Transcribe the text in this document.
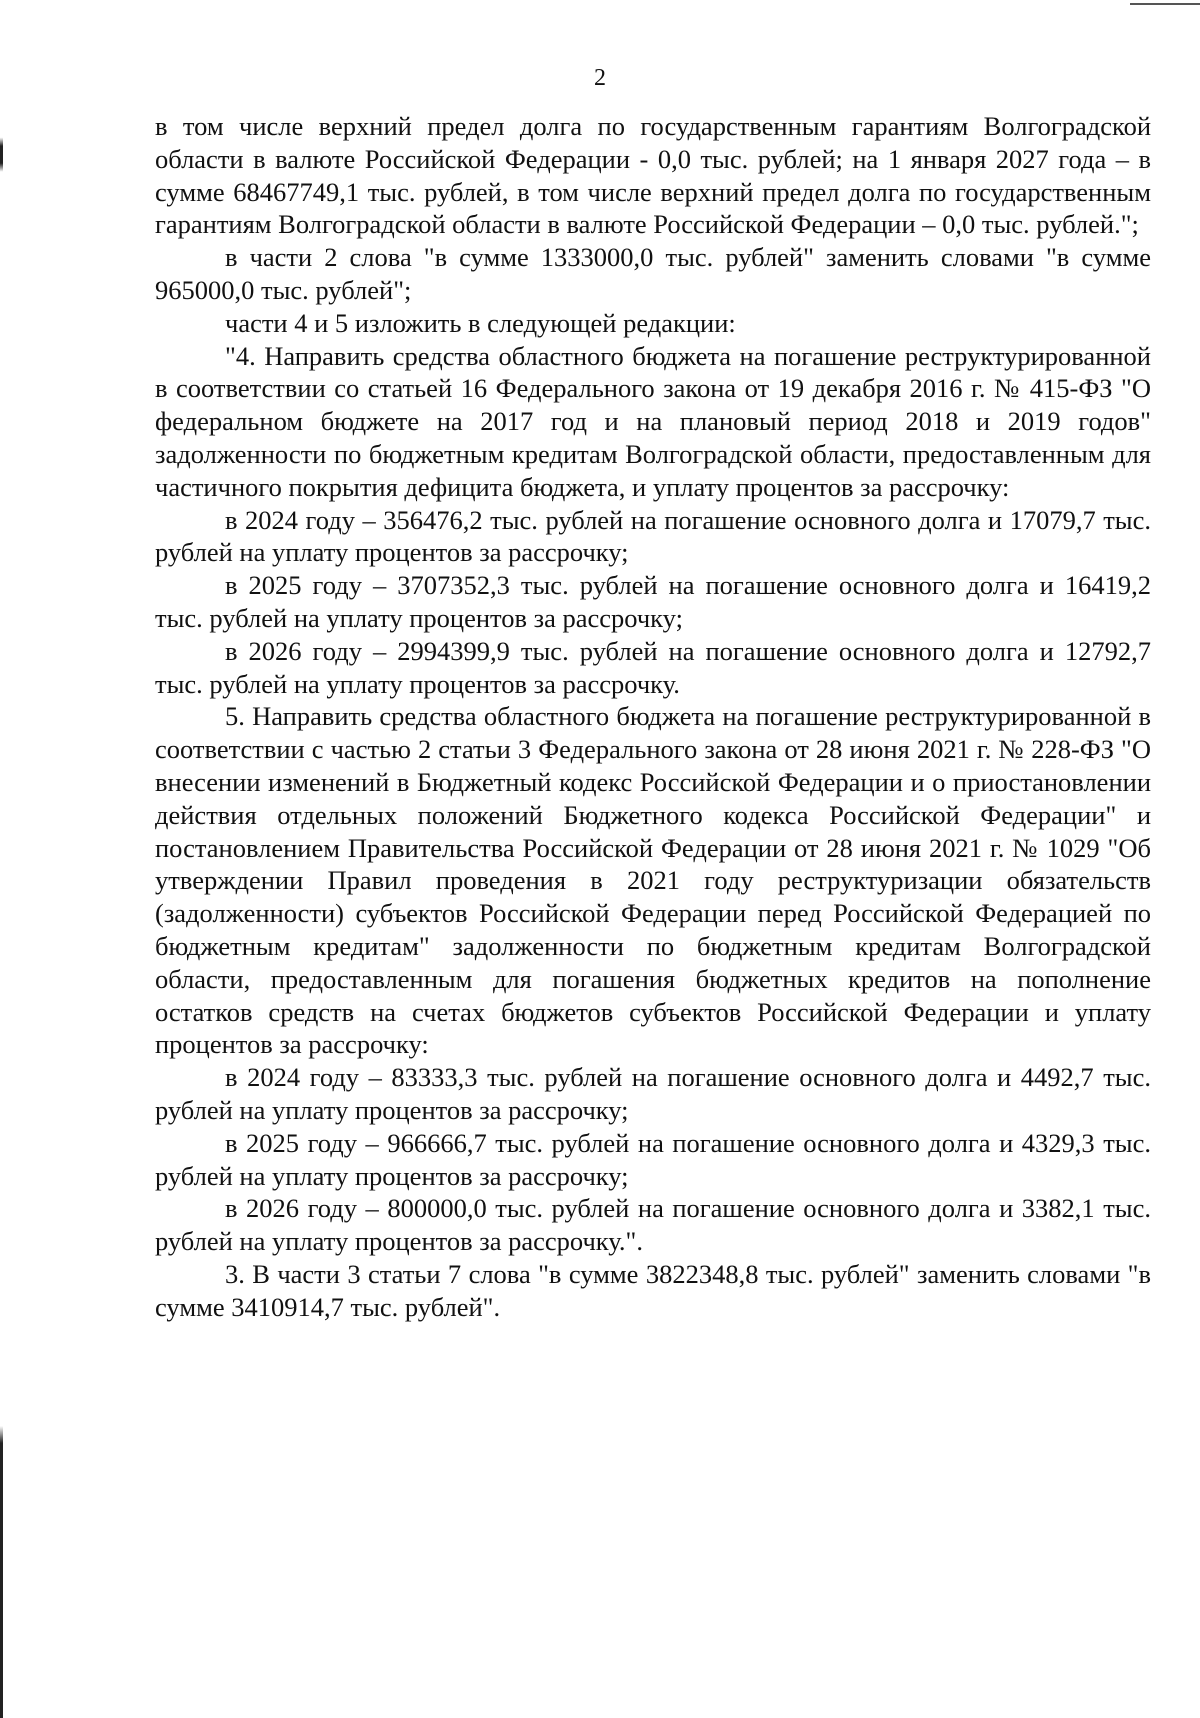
2

в том числе верхний предел долга по государственным гарантиям Волгоградской области в валюте Российской Федерации - 0,0 тыс. рублей; на 1 января 2027 года – в сумме 68467749,1 тыс. рублей, в том числе верхний предел долга по государственным гарантиям Волгоградской области в валюте Российской Федерации – 0,0 тыс. рублей.";

в части 2 слова "в сумме 1333000,0 тыс. рублей" заменить словами "в сумме 965000,0 тыс. рублей";

части 4 и 5 изложить в следующей редакции:

"4. Направить средства областного бюджета на погашение реструктурированной в соответствии со статьей 16 Федерального закона от 19 декабря 2016 г. № 415-ФЗ "О федеральном бюджете на 2017 год и на плановый период 2018 и 2019 годов" задолженности по бюджетным кредитам Волгоградской области, предоставленным для частичного покрытия дефицита бюджета, и уплату процентов за рассрочку:

в 2024 году – 356476,2 тыс. рублей на погашение основного долга и 17079,7 тыс. рублей на уплату процентов за рассрочку;

в 2025 году – 3707352,3 тыс. рублей на погашение основного долга и 16419,2 тыс. рублей на уплату процентов за рассрочку;

в 2026 году – 2994399,9 тыс. рублей на погашение основного долга и 12792,7 тыс. рублей на уплату процентов за рассрочку.

5. Направить средства областного бюджета на погашение реструктурированной в соответствии с частью 2 статьи 3 Федерального закона от 28 июня 2021 г. № 228-ФЗ "О внесении изменений в Бюджетный кодекс Российской Федерации и о приостановлении действия отдельных положений Бюджетного кодекса Российской Федерации" и постановлением Правительства Российской Федерации от 28 июня 2021 г. № 1029 "Об утверждении Правил проведения в 2021 году реструктуризации обязательств (задолженности) субъектов Российской Федерации перед Российской Федерацией по бюджетным кредитам" задолженности по бюджетным кредитам Волгоградской области, предоставленным для погашения бюджетных кредитов на пополнение остатков средств на счетах бюджетов субъектов Российской Федерации и уплату процентов за рассрочку:

в 2024 году – 83333,3 тыс. рублей на погашение основного долга и 4492,7 тыс. рублей на уплату процентов за рассрочку;

в 2025 году – 966666,7 тыс. рублей на погашение основного долга и 4329,3 тыс. рублей на уплату процентов за рассрочку;

в 2026 году – 800000,0 тыс. рублей на погашение основного долга и 3382,1 тыс. рублей на уплату процентов за рассрочку.".

3. В части 3 статьи 7 слова "в сумме 3822348,8 тыс. рублей" заменить словами "в сумме 3410914,7 тыс. рублей".
